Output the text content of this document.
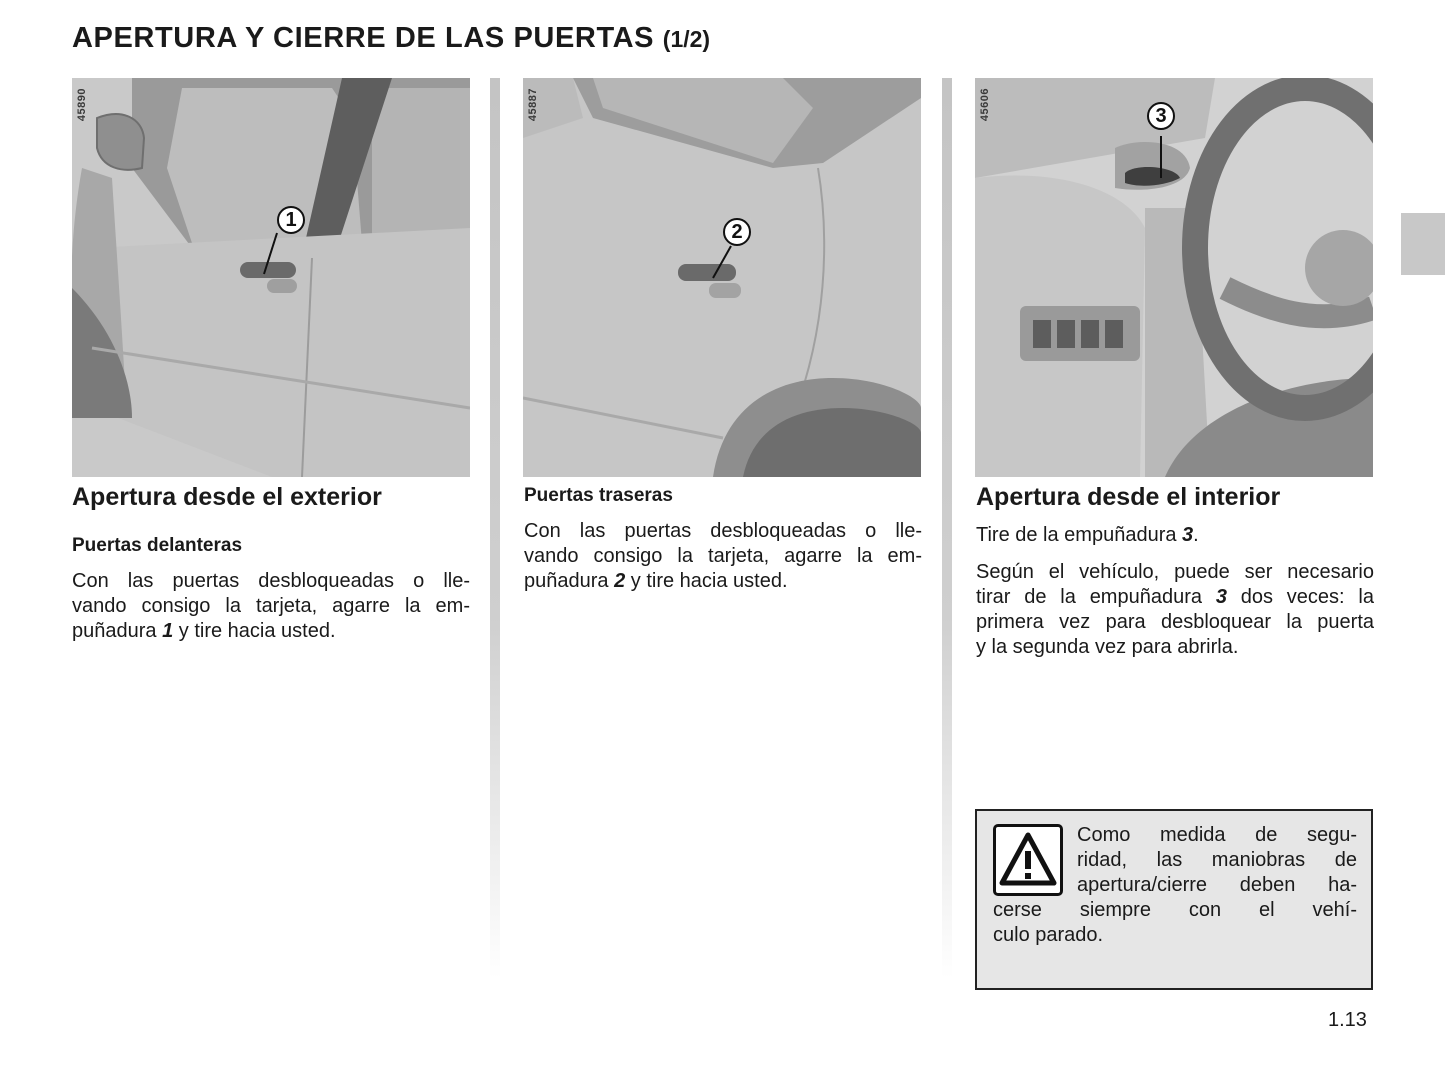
APERTURA Y CIERRE DE LAS PUERTAS (1/2)
45890
1
45887
2
45606	3
Apertura desde el exterior
Puertas delanteras

Con las puertas desbloqueadas o lle-
vando consigo la tarjeta, agarre la em-
puñadura 1 y tire hacia usted.

Puertas traseras

Con las puertas desbloqueadas o lle-
vando consigo la tarjeta, agarre la em-
puñadura 2 y tire hacia usted.

Apertura desde el interior

Tire de la empuñadura 3.

Según el vehículo, puede ser necesario
tirar de la empuñadura 3 dos veces: la
primera vez para desbloquear la puerta
y la segunda vez para abrirla.

Como medida de segu-
ridad, las maniobras de
apertura/cierre deben ha-
cerse siempre con el vehí-
culo parado.

1.13
